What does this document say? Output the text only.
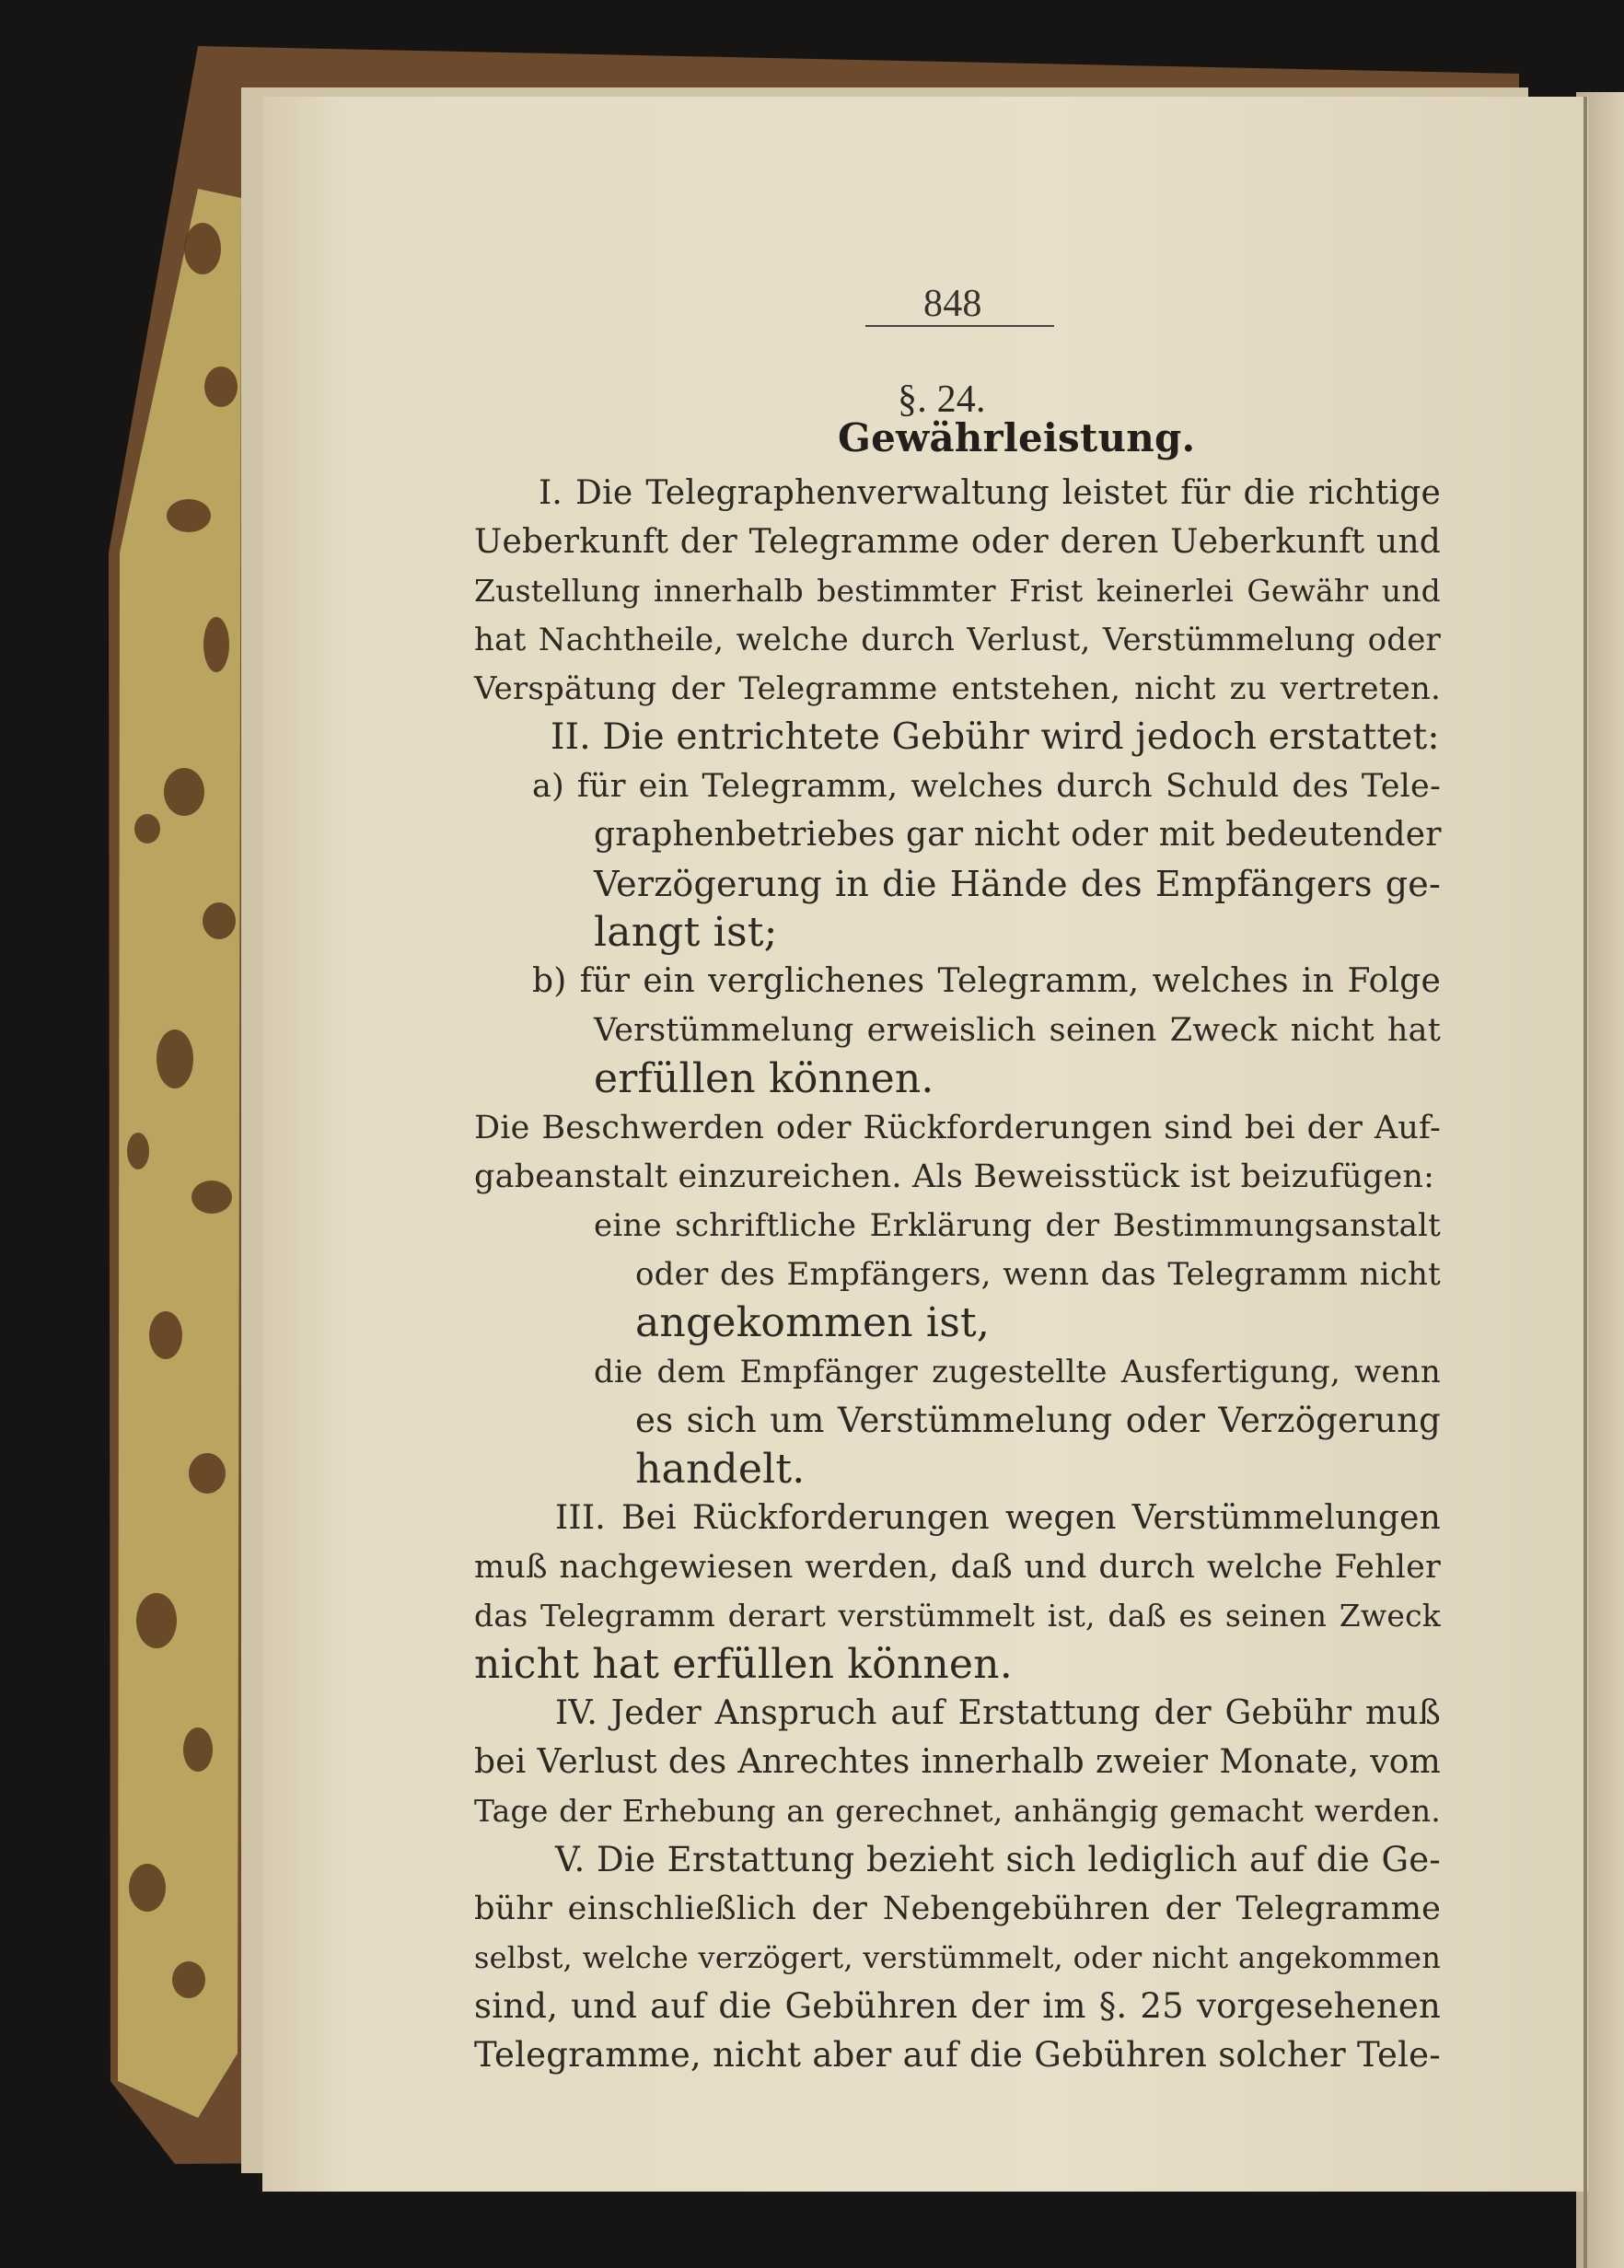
848

§. 24.

Gewährleistung.

I. Die Telegraphenverwaltung leistet für die richtige

Ueberkunft der Telegramme oder deren Ueberkunft und

Zustellung innerhalb bestimmter Frist keinerlei Gewähr und

hat Nachtheile, welche durch Verlust, Verstümmelung oder

Verspätung der Telegramme entstehen, nicht zu vertreten.

II. Die entrichtete Gebühr wird jedoch erstattet:

a) für ein Telegramm, welches durch Schuld des Tele-

graphenbetriebes gar nicht oder mit bedeutender

Verzögerung in die Hände des Empfängers ge-

langt ist;

b) für ein verglichenes Telegramm, welches in Folge

Verstümmelung erweislich seinen Zweck nicht hat

erfüllen können.

Die Beschwerden oder Rückforderungen sind bei der Auf-

gabeanstalt einzureichen. Als Beweisstück ist beizufügen:

eine schriftliche Erklärung der Bestimmungsanstalt

oder des Empfängers, wenn das Telegramm nicht

angekommen ist,

die dem Empfänger zugestellte Ausfertigung, wenn

es sich um Verstümmelung oder Verzögerung

handelt.

III. Bei Rückforderungen wegen Verstümmelungen

muß nachgewiesen werden, daß und durch welche Fehler

das Telegramm derart verstümmelt ist, daß es seinen Zweck

nicht hat erfüllen können.

IV. Jeder Anspruch auf Erstattung der Gebühr muß

bei Verlust des Anrechtes innerhalb zweier Monate, vom

Tage der Erhebung an gerechnet, anhängig gemacht werden.

V. Die Erstattung bezieht sich lediglich auf die Ge-

bühr einschließlich der Nebengebühren der Telegramme

selbst, welche verzögert, verstümmelt, oder nicht angekommen

sind, und auf die Gebühren der im §. 25 vorgesehenen

Telegramme, nicht aber auf die Gebühren solcher Tele-
